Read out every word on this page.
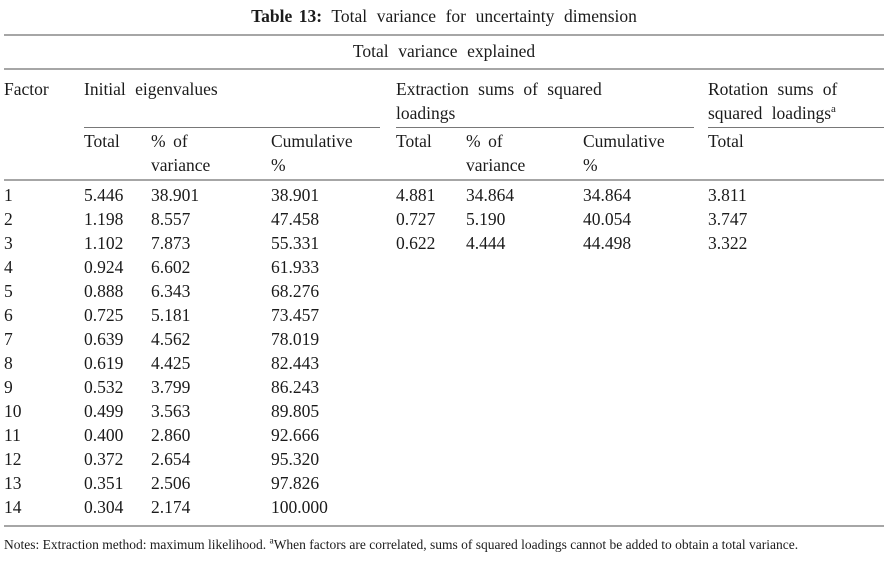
Table 13: Total variance for uncertainty dimension
Total variance explained							
Factor	Initial eigenvalues			Extraction sums of squared loadings			Rotation sums of squared loadings$^a$
	Total	% of variance	Cumulative %	Total	% of variance	Cumulative %	Total
1	5.446	38.901	38.901	4.881	34.864	34.864	3.811
2	1.198	8.557	47.458	0.727	5.190	40.054	3.747
3	1.102	7.873	55.331	0.622	4.444	44.498	3.322
4	0.924	6.602	61.933				
5	0.888	6.343	68.276				
6	0.725	5.181	73.457				
7	0.639	4.562	78.019				
8	0.619	4.425	82.443				
9	0.532	3.799	86.243				
10	0.499	3.563	89.805				
11	0.400	2.860	92.666				
12	0.372	2.654	95.320				
13	0.351	2.506	97.826				
14	0.304	2.174	100.000				
Notes: Extraction method: maximum likelihood. $^a$When factors are correlated, sums of squared loadings cannot be added to obtain a total variance.
